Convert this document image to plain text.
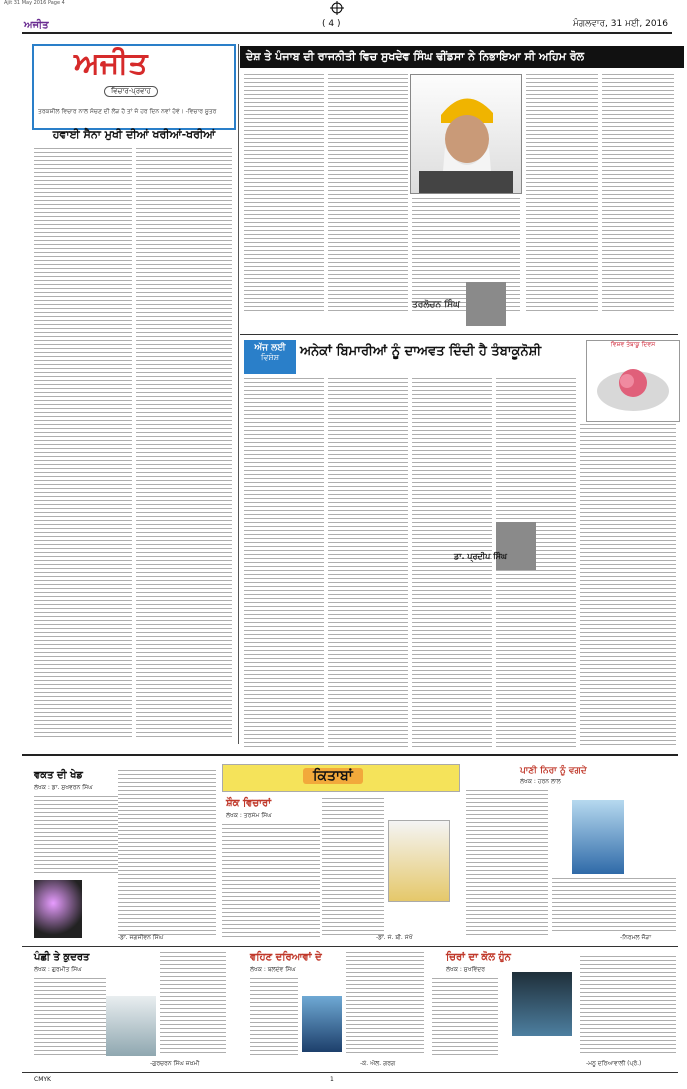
Ajit 31 May 2016 Page 4
ਅਜੀਤ	( 4 )	ਮੰਗਲਵਾਰ, 31 ਮਈ, 2016
ਅਜੀਤ
ਵਿਚਾਰ-ਪ੍ਰਵਾਹ
ਤਰਕਸ਼ੀਲ ਵਿਚਾਰ ਨਾਲ ਸੋਚਣ ਦੀ ਲੋੜ ਹੈ ਤਾਂ ਜੋ ਹਰ ਦਿਨ ਨਵਾਂ ਹੋਵੇ। -ਵਿਚਾਰ ਸੂਤਰ
ਹਵਾਈ ਸੈਨਾ ਮੁਖੀ ਦੀਆਂ ਖਰੀਆਂ-ਖਰੀਆਂ
ਦੇਸ਼ ਤੇ ਪੰਜਾਬ ਦੀ ਰਾਜਨੀਤੀ ਵਿਚ ਸੁਖਦੇਵ ਸਿੰਘ ਢੀਂਡਸਾ ਨੇ ਨਿਭਾਇਆ ਸੀ ਅਹਿਮ ਰੋਲ
ਤਰਲੋਚਨ ਸਿੰਘ
ਅੱਜ ਲਈ
ਵਿਸ਼ੇਸ਼	ਅਨੇਕਾਂ ਬਿਮਾਰੀਆਂ ਨੂੰ ਦਾਅਵਤ ਦਿੰਦੀ ਹੈ ਤੰਬਾਕੂਨੋਸ਼ੀ	ਵਿਸ਼ਵ ਤੰਬਾਕੂ ਦਿਵਸ
ਡਾ. ਪ੍ਰਦੀਪ ਸਿੰਘ
ਕਿਤਾਬਾਂ
ਵਕਤ ਦੀ ਖੇਡ
ਲੇਖਕ : ਡਾ. ਸੁਖਵਰਨ ਸਿੰਘ
-ਡਾ. ਜਗਜੀਵਨ ਸਿੰਘ
ਸ਼ੌਕ ਵਿਚਾਰਾਂ
ਲੇਖਕ : ਤਰਸੇਮ ਸਿੰਘ
-ਡਾ. ਜੇ. ਬੀ. ਸੇਖੋਂ
ਪਾਣੀ ਨਿਰਾ ਨੂੰ ਵਗਦੇ
ਲੇਖਕ : ਹਰਨ ਲਾਲ
-ਨਿਰਮਲ ਜੌੜਾ
ਪੰਛੀ ਤੇ ਕੁਦਰਤ
ਲੇਖਕ : ਗੁਰਮੀਤ ਸਿੰਘ
-ਗੁਰਚਰਨ ਸਿੰਘ ਜ਼ਖ਼ਮੀ
ਵਹਿਣ ਦਰਿਆਵਾਂ ਦੇ
ਲੇਖਕ : ਬਲਦੇਵ ਸਿੰਘ
-ਕੇ. ਐਲ. ਗਰਗ
ਚਿਰਾਂ ਦਾ ਕੋਲ ਹੁੰਨ
ਲੇਖਕ : ਸੁਖਵਿੰਦਰ
-ਮਨੂ ਦਰਿਆਵਾਲੀ (ਪ੍ਰੋ.)
CMYK	1
